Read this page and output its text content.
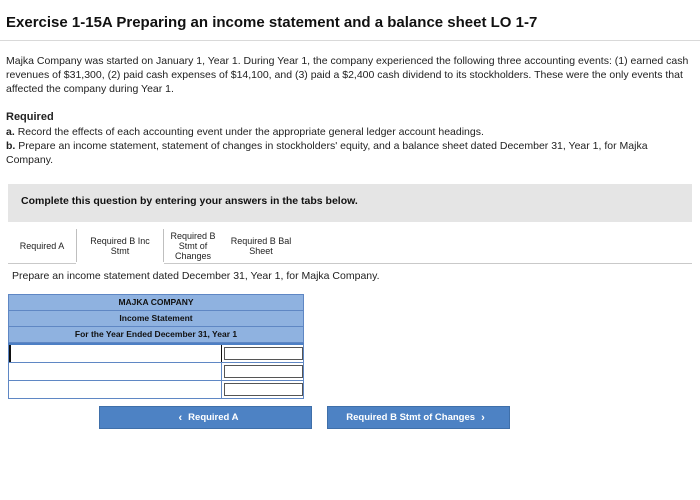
Exercise 1-15A Preparing an income statement and a balance sheet LO 1-7
Majka Company was started on January 1, Year 1. During Year 1, the company experienced the following three accounting events: (1) earned cash revenues of $31,300, (2) paid cash expenses of $14,100, and (3) paid a $2,400 cash dividend to its stockholders. These were the only events that affected the company during Year 1.
Required
a. Record the effects of each accounting event under the appropriate general ledger account headings.
b. Prepare an income statement, statement of changes in stockholders' equity, and a balance sheet dated December 31, Year 1, for Majka Company.
Complete this question by entering your answers in the tabs below.
Required A	Required B Inc
Stmt
Required B
Stmt of
Changes
Required B Bal
Sheet
Prepare an income statement dated December 31, Year 1, for Majka Company.
MAJKA COMPANY
Income Statement
For the Year Ended December 31, Year 1
‹ Required A	Required B Stmt of Changes ›
